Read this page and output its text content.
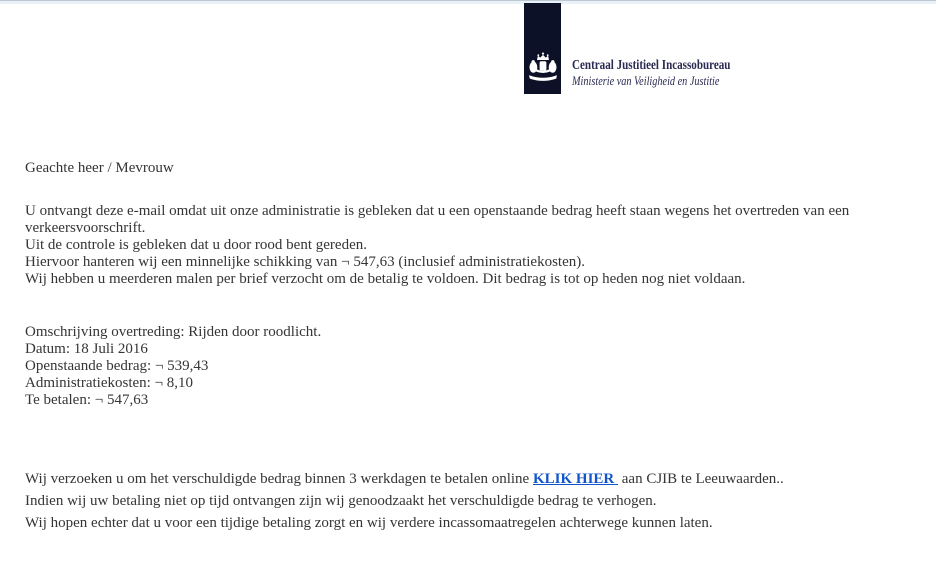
Centraal Justitieel Incassobureau
Ministerie van Veiligheid en Justitie
Geachte heer / Mevrouw
U ontvangt deze e-mail omdat uit onze administratie is gebleken dat u een openstaande bedrag heeft staan wegens het overtreden van een
verkeersvoorschrift.
Uit de controle is gebleken dat u door rood bent gereden.
Hiervoor hanteren wij een minnelijke schikking van ¬ 547,63 (inclusief administratiekosten).
Wij hebben u meerderen malen per brief verzocht om de betalig te voldoen. Dit bedrag is tot op heden nog niet voldaan.
Omschrijving overtreding: Rijden door roodlicht.
Datum: 18 Juli 2016
Openstaande bedrag: ¬ 539,43
Administratiekosten: ¬ 8,10
Te betalen: ¬ 547,63
Wij verzoeken u om het verschuldigde bedrag binnen 3 werkdagen te betalen online KLIK HIER  aan CJIB te Leeuwaarden..
Indien wij uw betaling niet op tijd ontvangen zijn wij genoodzaakt het verschuldigde bedrag te verhogen.
Wij hopen echter dat u voor een tijdige betaling zorgt en wij verdere incassomaatregelen achterwege kunnen laten.
